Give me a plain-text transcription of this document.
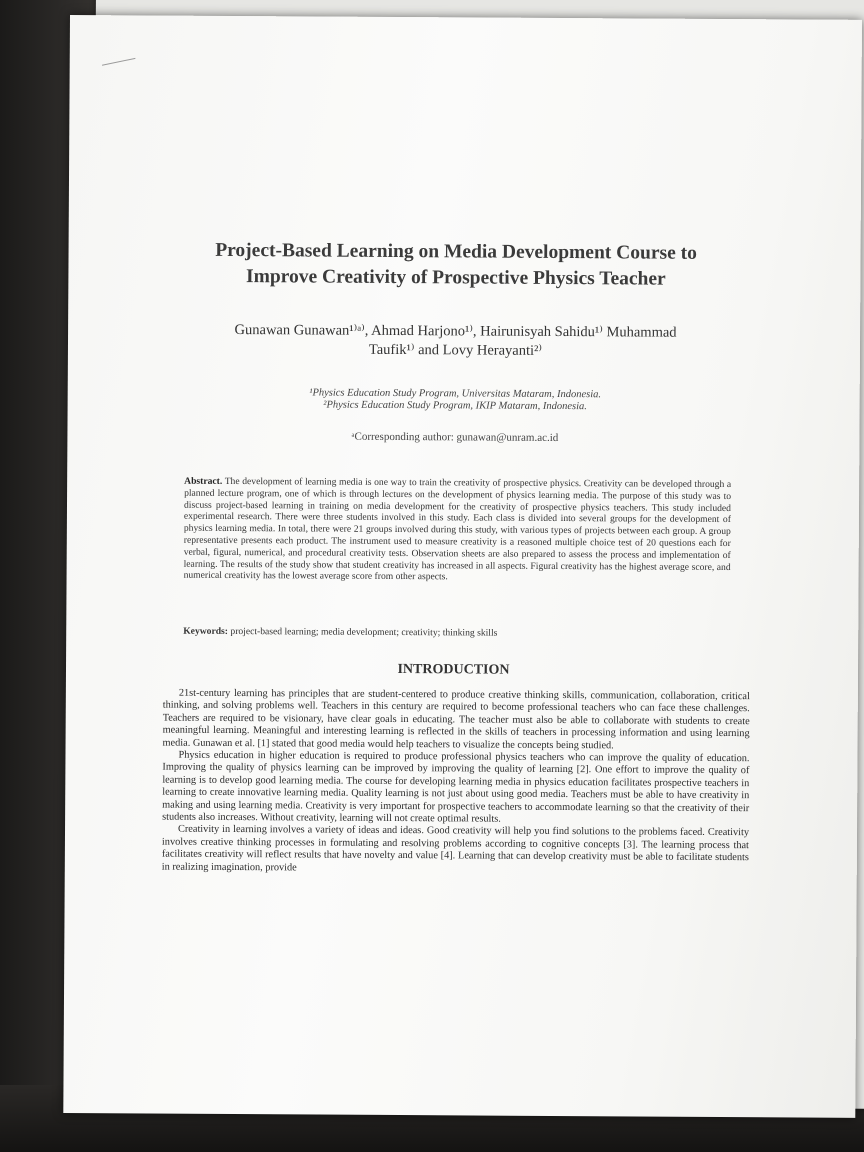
Project-Based Learning on Media Development Course to
Improve Creativity of Prospective Physics Teacher
Gunawan Gunawan¹⁾ᵃ⁾, Ahmad Harjono¹⁾, Hairunisyah Sahidu¹⁾ Muhammad
Taufik¹⁾ and Lovy Herayanti²⁾
¹Physics Education Study Program, Universitas Mataram, Indonesia.
²Physics Education Study Program, IKIP Mataram, Indonesia.
ᵃCorresponding author: gunawan@unram.ac.id
Abstract. The development of learning media is one way to train the creativity of prospective physics. Creativity can be developed through a planned lecture program, one of which is through lectures on the development of physics learning media. The purpose of this study was to discuss project-based learning in training on media development for the creativity of prospective physics teachers. This study included experimental research. There were three students involved in this study. Each class is divided into several groups for the development of physics learning media. In total, there were 21 groups involved during this study, with various types of projects between each group. A group representative presents each product. The instrument used to measure creativity is a reasoned multiple choice test of 20 questions each for verbal, figural, numerical, and procedural creativity tests. Observation sheets are also prepared to assess the process and implementation of learning. The results of the study show that student creativity has increased in all aspects. Figural creativity has the highest average score, and numerical creativity has the lowest average score from other aspects.
Keywords: project-based learning; media development; creativity; thinking skills
INTRODUCTION

21st-century learning has principles that are student-centered to produce creative thinking skills, communication, collaboration, critical thinking, and solving problems well. Teachers in this century are required to become professional teachers who can face these challenges. Teachers are required to be visionary, have clear goals in educating. The teacher must also be able to collaborate with students to create meaningful learning. Meaningful and interesting learning is reflected in the skills of teachers in processing information and using learning media. Gunawan et al. [1] stated that good media would help teachers to visualize the concepts being studied.

Physics education in higher education is required to produce professional physics teachers who can improve the quality of education. Improving the quality of physics learning can be improved by improving the quality of learning [2]. One effort to improve the quality of learning is to develop good learning media. The course for developing learning media in physics education facilitates prospective teachers in learning to create innovative learning media. Quality learning is not just about using good media. Teachers must be able to have creativity in making and using learning media. Creativity is very important for prospective teachers to accommodate learning so that the creativity of their students also increases. Without creativity, learning will not create optimal results.

Creativity in learning involves a variety of ideas and ideas. Good creativity will help you find solutions to the problems faced. Creativity involves creative thinking processes in formulating and resolving problems according to cognitive concepts [3]. The learning process that facilitates creativity will reflect results that have novelty and value [4]. Learning that can develop creativity must be able to facilitate students in realizing imagination, provide
